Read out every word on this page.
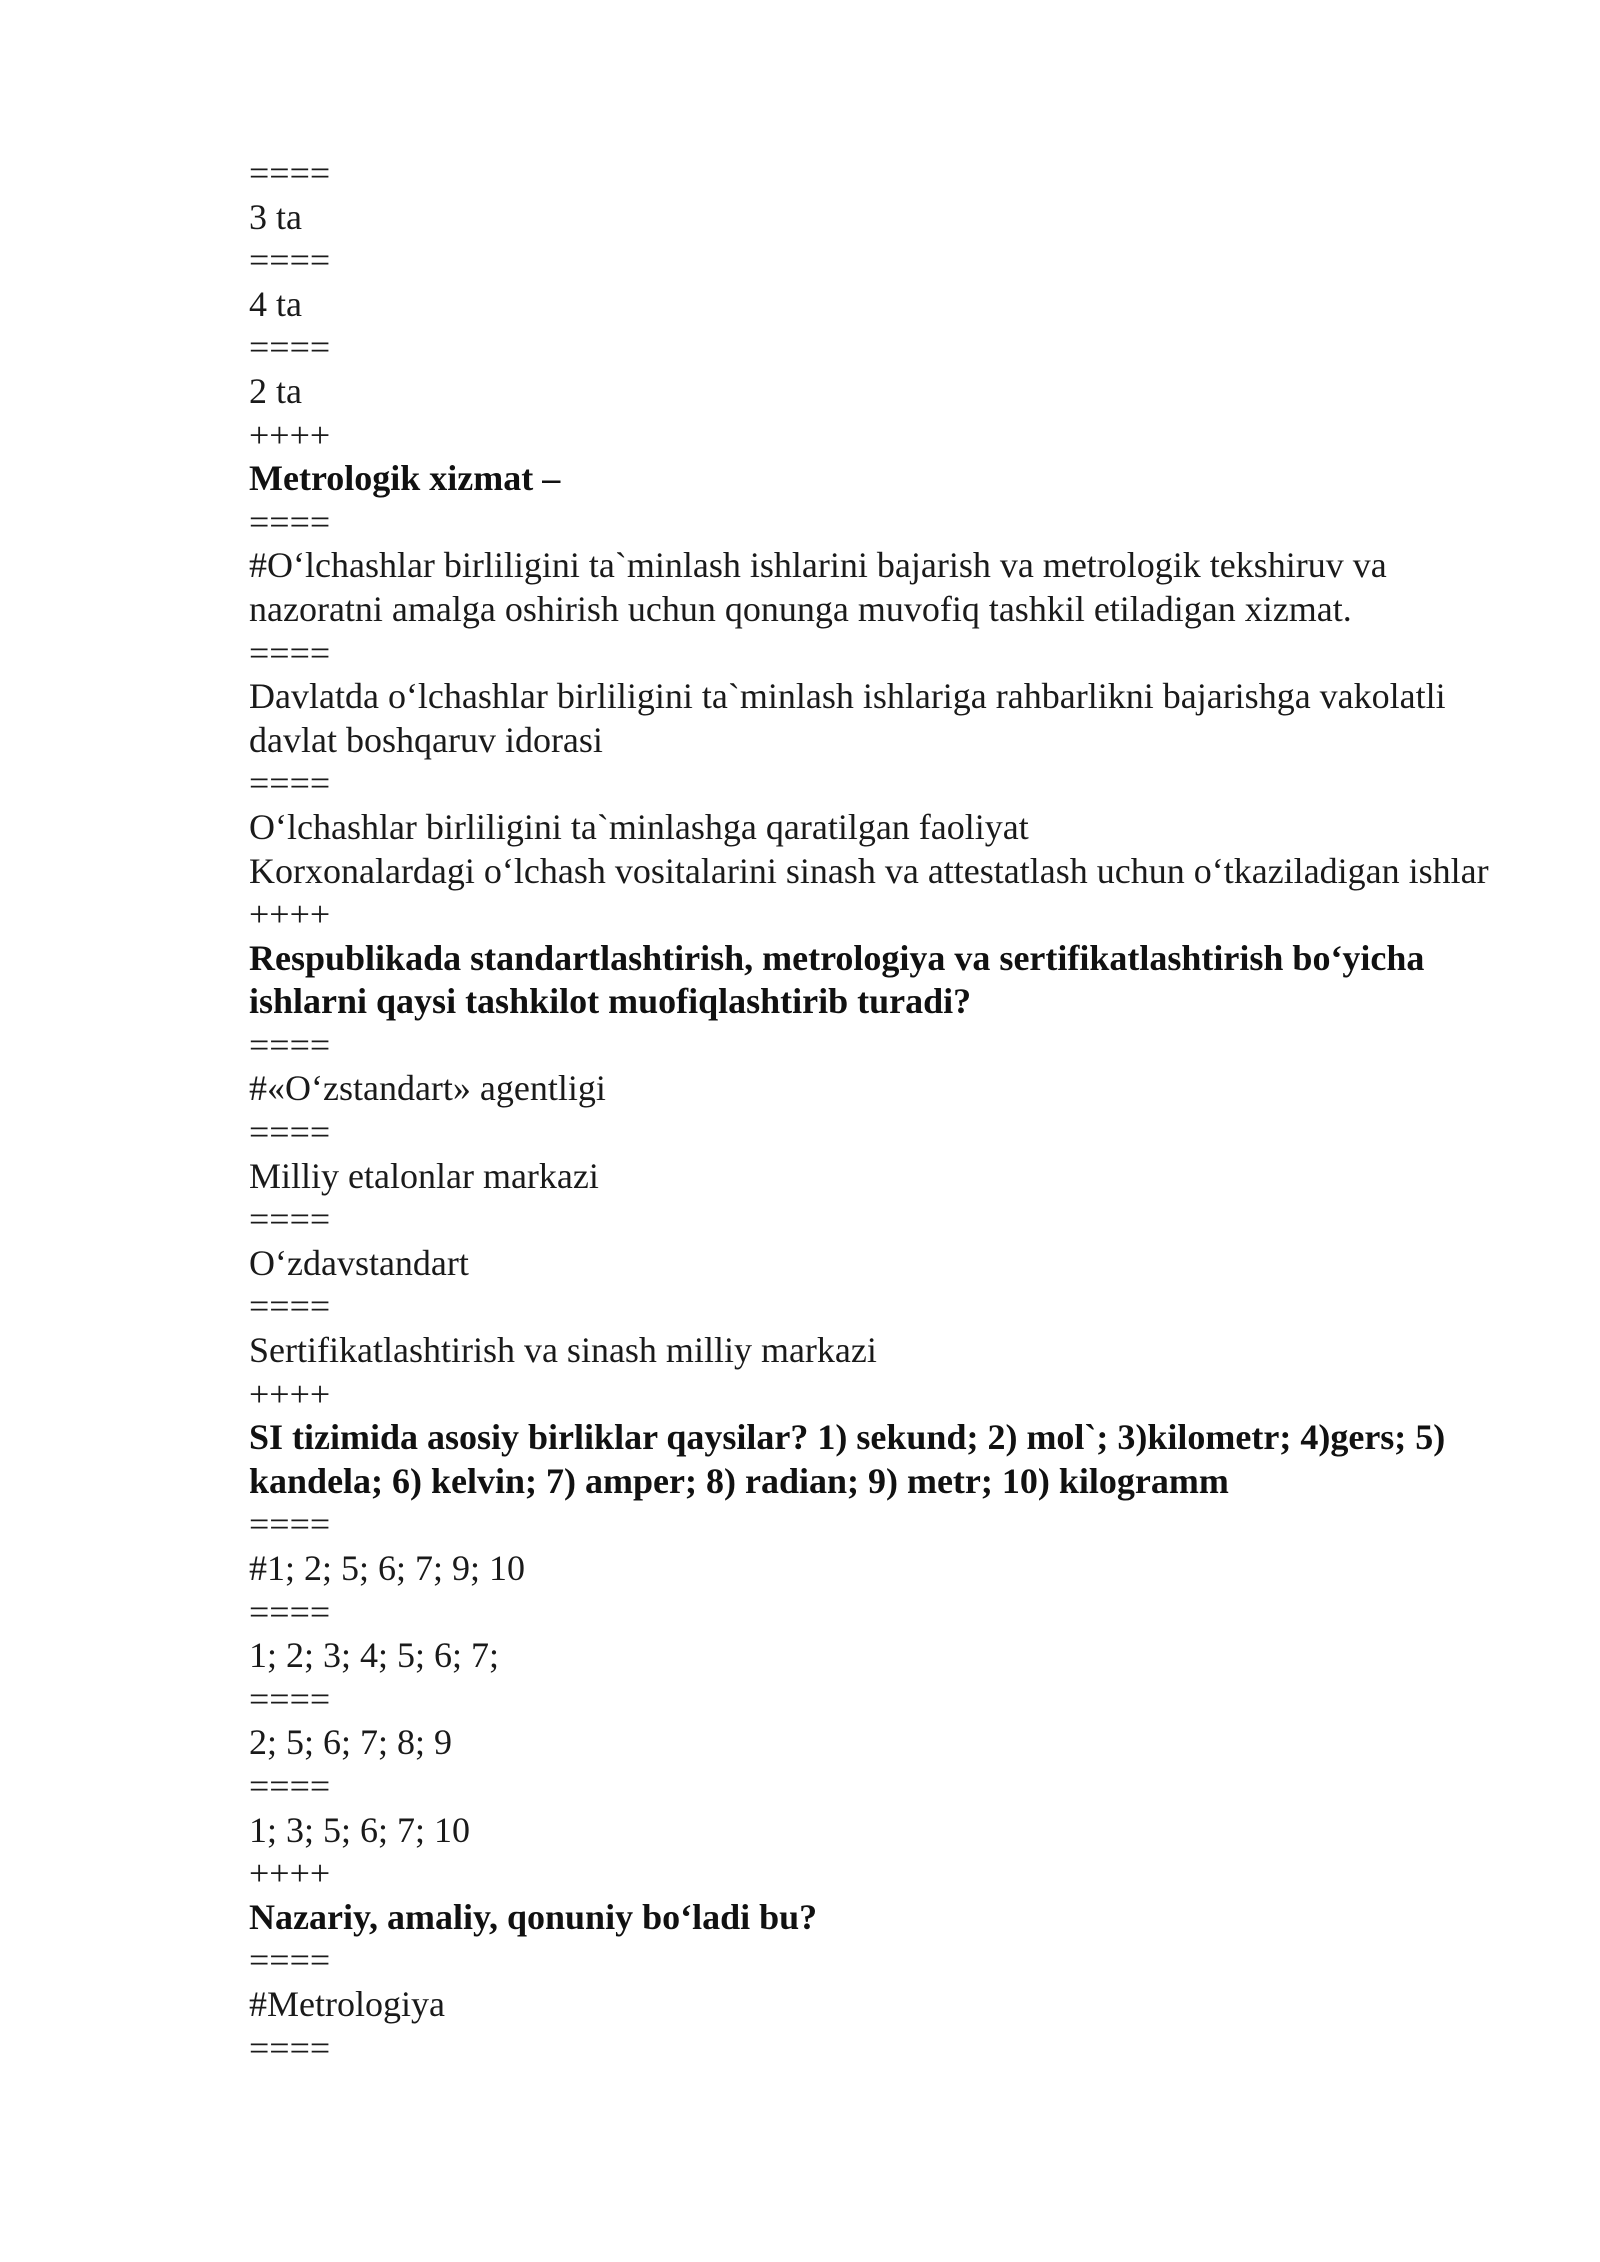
====
3 ta
====
4 ta
====
2 ta
++++
Metrologik xizmat –
====
#O‘lchashlar birliligini ta`minlash ishlarini bajarish va metrologik tekshiruv va nazoratni amalga oshirish uchun qonunga muvofiq tashkil etiladigan xizmat.
====
Davlatda o‘lchashlar birliligini ta`minlash ishlariga rahbarlikni bajarishga vakolatli davlat boshqaruv idorasi
====
O‘lchashlar birliligini ta`minlashga qaratilgan faoliyat
Korxonalardagi o‘lchash vositalarini sinash va attestatlash uchun o‘tkaziladigan ishlar
++++
Respublikada standartlashtirish, metrologiya va sertifikatlashtirish bo‘yicha ishlarni qaysi tashkilot muofiqlashtirib turadi?
====
#«O‘zstandart» agentligi
====
Milliy etalonlar markazi
====
O‘zdavstandart
====
Sertifikatlashtirish va sinash milliy markazi
++++
SI tizimida asosiy birliklar qaysilar? 1) sekund; 2) mol`; 3)kilometr; 4)gers; 5) kandela; 6) kelvin; 7) amper; 8) radian; 9) metr; 10) kilogramm
====
#1; 2; 5; 6; 7; 9; 10
====
1; 2; 3; 4; 5; 6; 7;
====
2; 5; 6; 7; 8; 9
====
1; 3; 5; 6; 7; 10
++++
Nazariy, amaliy, qonuniy bo‘ladi bu?
====
#Metrologiya
====
